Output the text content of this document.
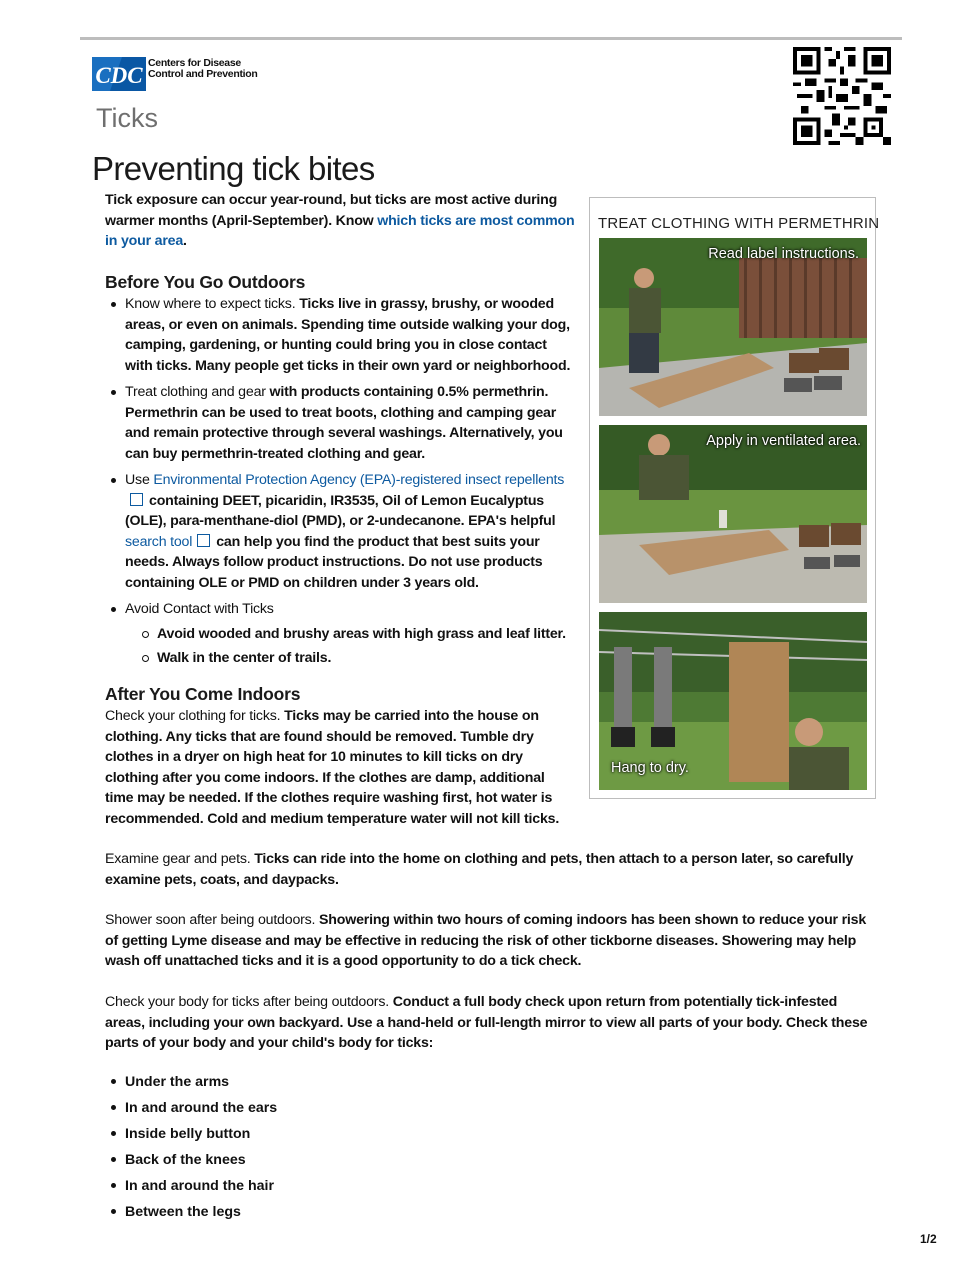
CDC Centers for Disease
Control and Prevention
Ticks
Preventing tick bites
Tick exposure can occur year-round, but ticks are most active during warmer months (April-September). Know which ticks are most common in your area.
Before You Go Outdoors
Know where to expect ticks. Ticks live in grassy, brushy, or wooded areas, or even on animals. Spending time outside walking your dog, camping, gardening, or hunting could bring you in close contact with ticks. Many people get ticks in their own yard or neighborhood.
Treat clothing and gear with products containing 0.5% permethrin. Permethrin can be used to treat boots, clothing and camping gear and remain protective through several washings. Alternatively, you can buy permethrin-treated clothing and gear.
Use Environmental Protection Agency (EPA)-registered insect repellentscontaining DEET, picaridin, IR3535, Oil of Lemon Eucalyptus (OLE), para-menthane-diol (PMD), or 2-undecanone. EPA's helpful search tool can help you find the product that best suits your needs. Always follow product instructions. Do not use products containing OLE or PMD on children under 3 years old.
Avoid Contact with Ticks
Avoid wooded and brushy areas with high grass and leaf litter.
Walk in the center of trails.
After You Come Indoors
Check your clothing for ticks. Ticks may be carried into the house on clothing. Any ticks that are found should be removed. Tumble dry clothes in a dryer on high heat for 10 minutes to kill ticks on dry clothing after you come indoors. If the clothes are damp, additional time may be needed. If the clothes require washing first, hot water is recommended. Cold and medium temperature water will not kill ticks.
Examine gear and pets. Ticks can ride into the home on clothing and pets, then attach to a person later, so carefully examine pets, coats, and daypacks.
Shower soon after being outdoors. Showering within two hours of coming indoors has been shown to reduce your risk of getting Lyme disease and may be effective in reducing the risk of other tickborne diseases. Showering may help wash off unattached ticks and it is a good opportunity to do a tick check.
Check your body for ticks after being outdoors. Conduct a full body check upon return from potentially tick-infested areas, including your own backyard. Use a hand-held or full-length mirror to view all parts of your body. Check these parts of your body and your child's body for ticks:
Under the arms
In and around the ears
Inside belly button
Back of the knees
In and around the hair
Between the legs
TREAT CLOTHING WITH PERMETHRIN
Read label instructions.
Apply in ventilated area.
Hang to dry.
1/2
